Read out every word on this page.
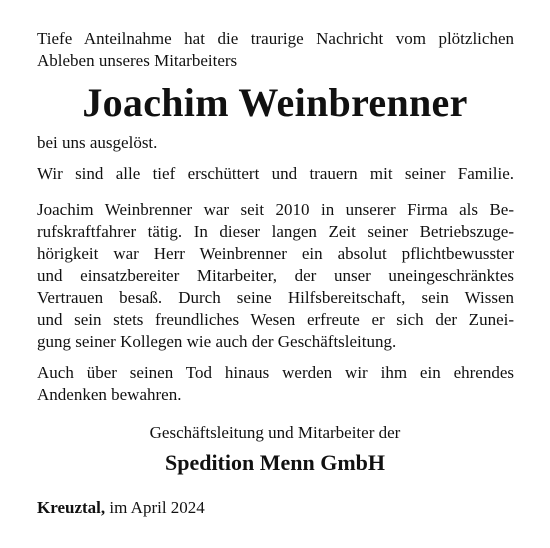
Tiefe Anteilnahme hat die traurige Nachricht vom plötzlichen
Ableben unseres Mitarbeiters
Joachim Weinbrenner
bei uns ausgelöst.
Wir sind alle tief erschüttert und trauern mit seiner Familie.
Joachim Weinbrenner war seit 2010 in unserer Firma als Be-
rufskraftfahrer tätig. In dieser langen Zeit seiner Betriebszuge-
hörigkeit war Herr Weinbrenner ein absolut pflichtbewusster
und einsatzbereiter Mitarbeiter, der unser uneingeschränktes
Vertrauen besaß. Durch seine Hilfsbereitschaft, sein Wissen
und sein stets freundliches Wesen erfreute er sich der Zunei-
gung seiner Kollegen wie auch der Geschäftsleitung.
Auch über seinen Tod hinaus werden wir ihm ein ehrendes
Andenken bewahren.
Geschäftsleitung und Mitarbeiter der
Spedition Menn GmbH
Kreuztal, im April 2024
